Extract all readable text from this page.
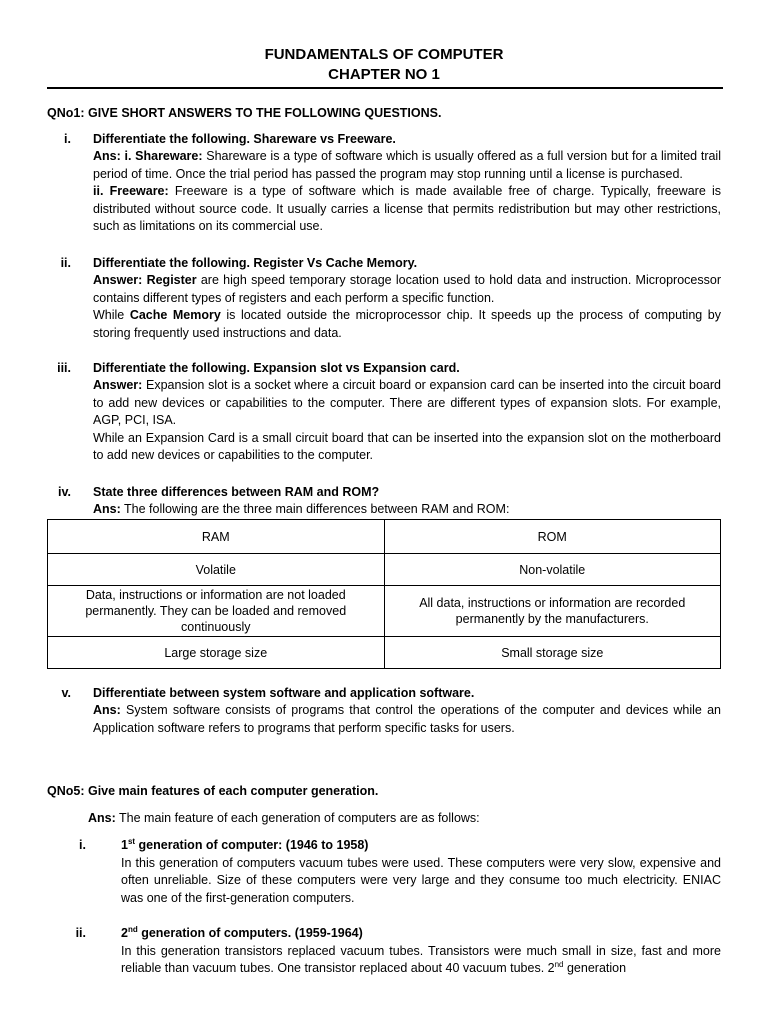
FUNDAMENTALS OF COMPUTER
CHAPTER NO 1
QNo1: GIVE SHORT ANSWERS TO THE FOLLOWING QUESTIONS.
i. Differentiate the following. Shareware vs Freeware.
Ans: i. Shareware: Shareware is a type of software which is usually offered as a full version but for a limited trail period of time. Once the trial period has passed the program may stop running until a license is purchased.
ii. Freeware: Freeware is a type of software which is made available free of charge. Typically, freeware is distributed without source code. It usually carries a license that permits redistribution but may other restrictions, such as limitations on its commercial use.
ii. Differentiate the following. Register Vs Cache Memory.
Answer: Register are high speed temporary storage location used to hold data and instruction. Microprocessor contains different types of registers and each perform a specific function.
While Cache Memory is located outside the microprocessor chip. It speeds up the process of computing by storing frequently used instructions and data.
iii. Differentiate the following. Expansion slot vs Expansion card.
Answer: Expansion slot is a socket where a circuit board or expansion card can be inserted into the circuit board to add new devices or capabilities to the computer. There are different types of expansion slots. For example, AGP, PCI, ISA.
While an Expansion Card is a small circuit board that can be inserted into the expansion slot on the motherboard to add new devices or capabilities to the computer.
iv. State three differences between RAM and ROM?
Ans: The following are the three main differences between RAM and ROM:
RAM	ROM
Volatile	Non-volatile
Data, instructions or information are not loaded permanently. They can be loaded and removed continuously	All data, instructions or information are recorded permanently by the manufacturers.
Large storage size	Small storage size
v. Differentiate between system software and application software.
Ans: System software consists of programs that control the operations of the computer and devices while an Application software refers to programs that perform specific tasks for users.
QNo5: Give main features of each computer generation.
Ans: The main feature of each generation of computers are as follows:
i.	1st generation of computer: (1946 to 1958)
In this generation of computers vacuum tubes were used. These computers were very slow, expensive and often unreliable. Size of these computers were very large and they consume too much electricity. ENIAC was one of the first-generation computers.
ii.	2nd generation of computers. (1959-1964)
In this generation transistors replaced vacuum tubes. Transistors were much small in size, fast and more reliable than vacuum tubes. One transistor replaced about 40 vacuum tubes. 2nd generation
